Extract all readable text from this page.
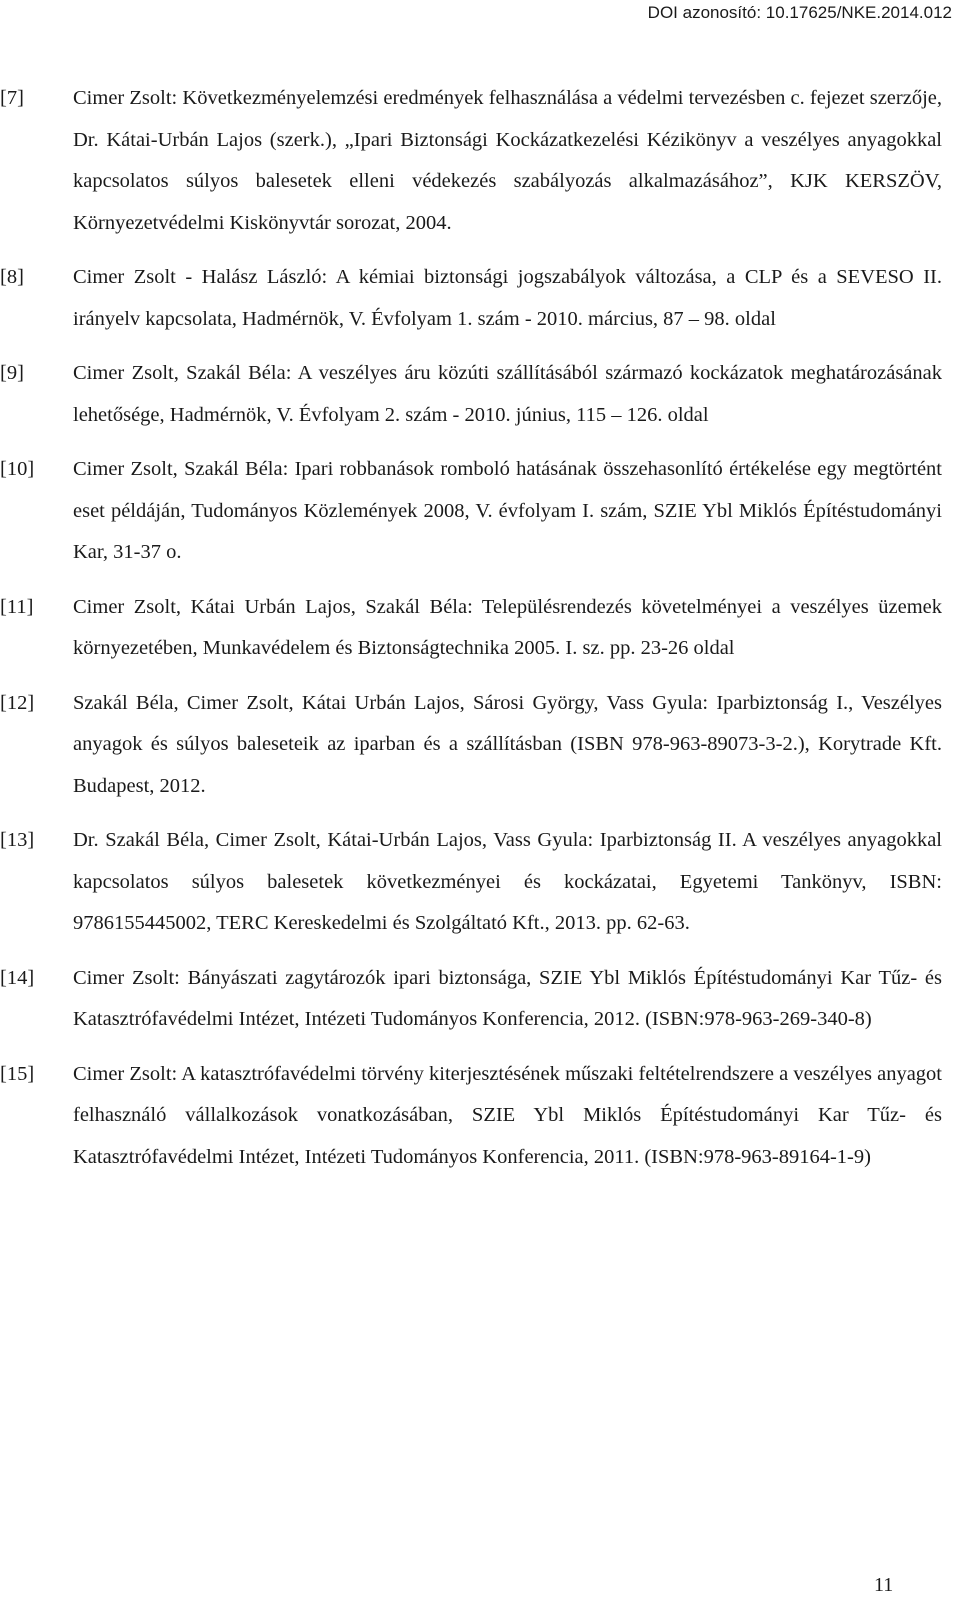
DOI azonosító: 10.17625/NKE.2014.012
[7]	Cimer Zsolt: Következményelemzési eredmények felhasználása a védelmi tervezésben c. fejezet szerzője, Dr. Kátai-Urbán Lajos (szerk.), „Ipari Biztonsági Kockázatkezelési Kézikönyv a veszélyes anyagokkal kapcsolatos súlyos balesetek elleni védekezés szabályozás alkalmazásához”, KJK KERSZÖV, Környezetvédelmi Kiskönyvtár sorozat, 2004.
[8]	Cimer Zsolt - Halász László: A kémiai biztonsági jogszabályok változása, a CLP és a SEVESO II. irányelv kapcsolata, Hadmérnök, V. Évfolyam 1. szám - 2010. március, 87 – 98. oldal
[9]	Cimer Zsolt, Szakál Béla: A veszélyes áru közúti szállításából származó kockázatok meghatározásának lehetősége, Hadmérnök, V. Évfolyam 2. szám - 2010. június, 115 – 126. oldal
[10]	Cimer Zsolt, Szakál Béla: Ipari robbanások romboló hatásának összehasonlító értékelése egy megtörtént eset példáján, Tudományos Közlemények 2008, V. évfolyam I. szám, SZIE Ybl Miklós Építéstudományi Kar, 31-37 o.
[11]	Cimer Zsolt, Kátai Urbán Lajos, Szakál Béla: Településrendezés követelményei a veszélyes üzemek környezetében, Munkavédelem és Biztonságtechnika 2005. I. sz. pp. 23-26 oldal
[12]	Szakál Béla, Cimer Zsolt, Kátai Urbán Lajos, Sárosi György, Vass Gyula: Iparbiztonság I., Veszélyes anyagok és súlyos baleseteik az iparban és a szállításban (ISBN 978-963-89073-3-2.), Korytrade Kft. Budapest, 2012.
[13]	Dr. Szakál Béla, Cimer Zsolt, Kátai-Urbán Lajos, Vass Gyula: Iparbiztonság II. A veszélyes anyagokkal kapcsolatos súlyos balesetek következményei és kockázatai, Egyetemi Tankönyv, ISBN: 9786155445002, TERC Kereskedelmi és Szolgáltató Kft., 2013. pp. 62-63.
[14]	Cimer Zsolt: Bányászati zagytározók ipari biztonsága, SZIE Ybl Miklós Építéstudományi Kar Tűz- és Katasztrófavédelmi Intézet, Intézeti Tudományos Konferencia, 2012. (ISBN:978-963-269-340-8)
[15]	Cimer Zsolt: A katasztrófavédelmi törvény kiterjesztésének műszaki feltételrendszere a veszélyes anyagot felhasználó vállalkozások vonatkozásában, SZIE Ybl Miklós Építéstudományi Kar Tűz- és Katasztrófavédelmi Intézet, Intézeti Tudományos Konferencia, 2011. (ISBN:978-963-89164-1-9)
11
